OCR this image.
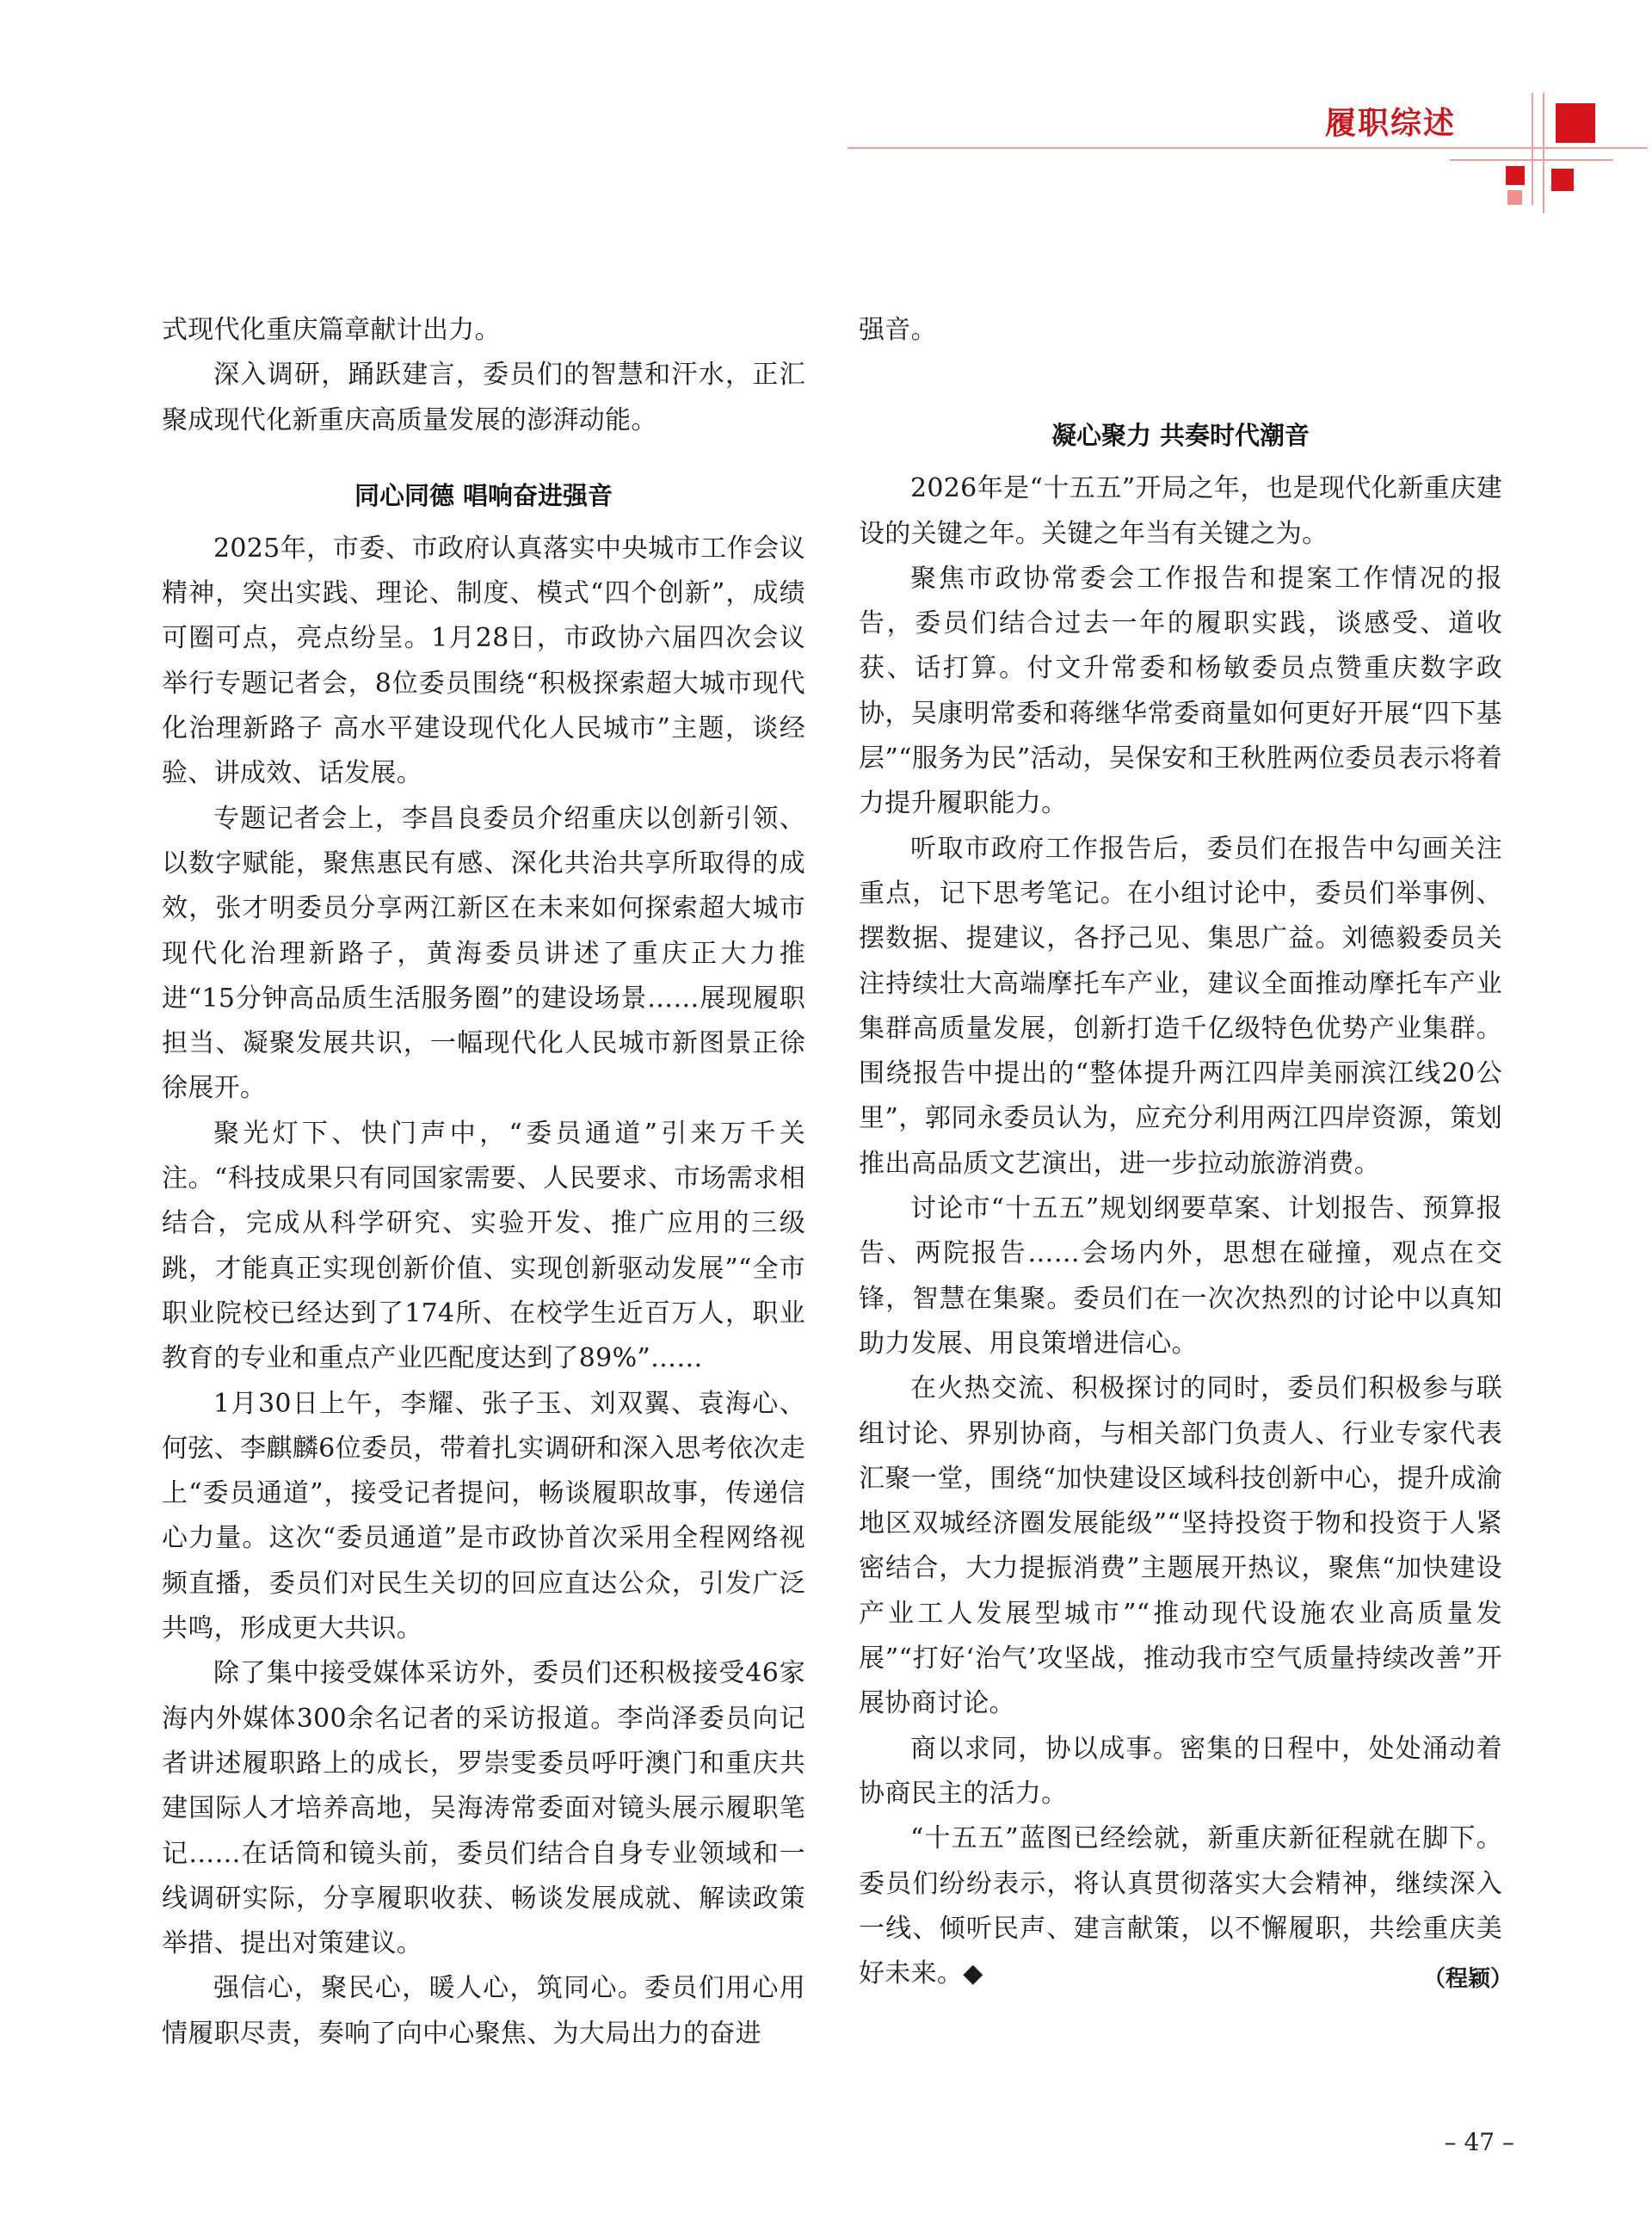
履职综述

式现代化重庆篇章献计出力。

深入调研，踊跃建言，委员们的智慧和汗水，正汇聚成现代化新重庆高质量发展的澎湃动能。

同心同德 唱响奋进强音

2025年，市委、市政府认真落实中央城市工作会议精神，突出实践、理论、制度、模式“四个创新”，成绩可圈可点，亮点纷呈。1月28日，市政协六届四次会议举行专题记者会，8位委员围绕“积极探索超大城市现代化治理新路子 高水平建设现代化人民城市”主题，谈经验、讲成效、话发展。

专题记者会上，李昌良委员介绍重庆以创新引领、以数字赋能，聚焦惠民有感、深化共治共享所取得的成效，张才明委员分享两江新区在未来如何探索超大城市现代化治理新路子，黄海委员讲述了重庆正大力推进“15分钟高品质生活服务圈”的建设场景……展现履职担当、凝聚发展共识，一幅现代化人民城市新图景正徐徐展开。

聚光灯下、快门声中，“委员通道”引来万千关注。“科技成果只有同国家需要、人民要求、市场需求相结合，完成从科学研究、实验开发、推广应用的三级跳，才能真正实现创新价值、实现创新驱动发展”“全市职业院校已经达到了174所、在校学生近百万人，职业教育的专业和重点产业匹配度达到了89%”……

1月30日上午，李耀、张子玉、刘双翼、袁海心、何弦、李麒麟6位委员，带着扎实调研和深入思考依次走上“委员通道”，接受记者提问，畅谈履职故事，传递信心力量。这次“委员通道”是市政协首次采用全程网络视频直播，委员们对民生关切的回应直达公众，引发广泛共鸣，形成更大共识。

除了集中接受媒体采访外，委员们还积极接受46家海内外媒体300余名记者的采访报道。李尚泽委员向记者讲述履职路上的成长，罗崇雯委员呼吁澳门和重庆共建国际人才培养高地，吴海涛常委面对镜头展示履职笔记……在话筒和镜头前，委员们结合自身专业领域和一线调研实际，分享履职收获、畅谈发展成就、解读政策举措、提出对策建议。

强信心，聚民心，暖人心，筑同心。委员们用心用情履职尽责，奏响了向中心聚焦、为大局出力的奋进

强音。

凝心聚力 共奏时代潮音

2026年是“十五五”开局之年，也是现代化新重庆建设的关键之年。关键之年当有关键之为。

聚焦市政协常委会工作报告和提案工作情况的报告，委员们结合过去一年的履职实践，谈感受、道收获、话打算。付文升常委和杨敏委员点赞重庆数字政协，吴康明常委和蒋继华常委商量如何更好开展“四下基层”“服务为民”活动，吴保安和王秋胜两位委员表示将着力提升履职能力。

听取市政府工作报告后，委员们在报告中勾画关注重点，记下思考笔记。在小组讨论中，委员们举事例、摆数据、提建议，各抒己见、集思广益。刘德毅委员关注持续壮大高端摩托车产业，建议全面推动摩托车产业集群高质量发展，创新打造千亿级特色优势产业集群。围绕报告中提出的“整体提升两江四岸美丽滨江线20公里”，郭同永委员认为，应充分利用两江四岸资源，策划推出高品质文艺演出，进一步拉动旅游消费。

讨论市“十五五”规划纲要草案、计划报告、预算报告、两院报告……会场内外，思想在碰撞，观点在交锋，智慧在集聚。委员们在一次次热烈的讨论中以真知助力发展、用良策增进信心。

在火热交流、积极探讨的同时，委员们积极参与联组讨论、界别协商，与相关部门负责人、行业专家代表汇聚一堂，围绕“加快建设区域科技创新中心，提升成渝地区双城经济圈发展能级”“坚持投资于物和投资于人紧密结合，大力提振消费”主题展开热议，聚焦“加快建设产业工人发展型城市”“推动现代设施农业高质量发展”“打好‘治气’攻坚战，推动我市空气质量持续改善”开展协商讨论。

商以求同，协以成事。密集的日程中，处处涌动着协商民主的活力。

“十五五”蓝图已经绘就，新重庆新征程就在脚下。委员们纷纷表示，将认真贯彻落实大会精神，继续深入一线、倾听民声、建言献策，以不懈履职，共绘重庆美好未来。◆	（程颖）
– 47 –
